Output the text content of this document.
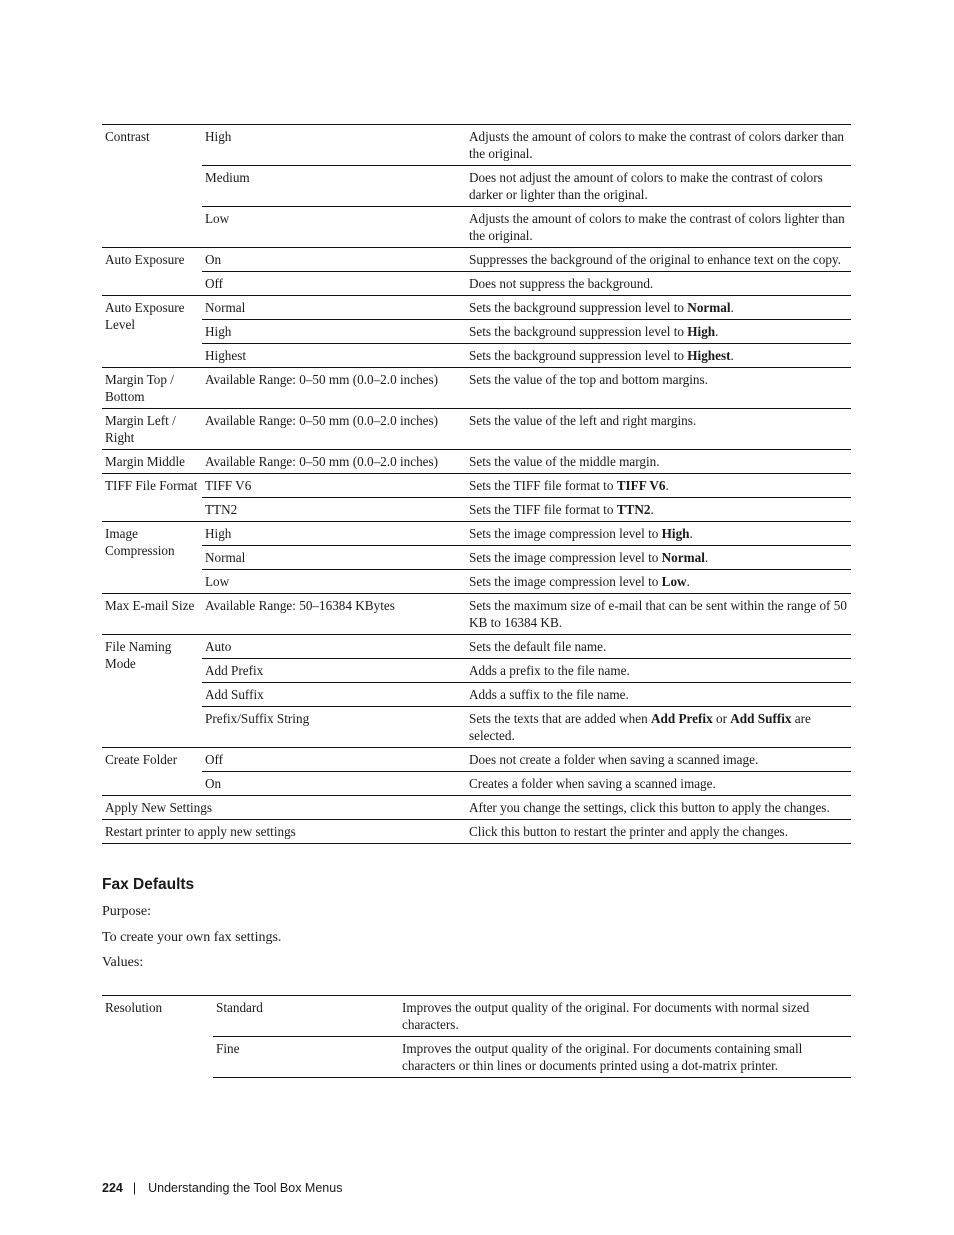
Contrast	High	Adjusts the amount of colors to make the contrast of colors darker than the original.
	Medium	Does not adjust the amount of colors to make the contrast of colors darker or lighter than the original.
	Low	Adjusts the amount of colors to make the contrast of colors lighter than the original.
Auto Exposure	On	Suppresses the background of the original to enhance text on the copy.
	Off	Does not suppress the background.
Auto Exposure Level	Normal	Sets the background suppression level to Normal.
	High	Sets the background suppression level to High.
	Highest	Sets the background suppression level to Highest.
Margin Top / Bottom	Available Range: 0–50 mm (0.0–2.0 inches)	Sets the value of the top and bottom margins.
Margin Left / Right	Available Range: 0–50 mm (0.0–2.0 inches)	Sets the value of the left and right margins.
Margin Middle	Available Range: 0–50 mm (0.0–2.0 inches)	Sets the value of the middle margin.
TIFF File Format	TIFF V6	Sets the TIFF file format to TIFF V6.
	TTN2	Sets the TIFF file format to TTN2.
Image Compression	High	Sets the image compression level to High.
	Normal	Sets the image compression level to Normal.
	Low	Sets the image compression level to Low.
Max E-mail Size	Available Range: 50–16384 KBytes	Sets the maximum size of e-mail that can be sent within the range of 50 KB to 16384 KB.
File Naming Mode	Auto	Sets the default file name.
	Add Prefix	Adds a prefix to the file name.
	Add Suffix	Adds a suffix to the file name.
	Prefix/Suffix String	Sets the texts that are added when Add Prefix or Add Suffix are selected.
Create Folder	Off	Does not create a folder when saving a scanned image.
	On	Creates a folder when saving a scanned image.
Apply New Settings		After you change the settings, click this button to apply the changes.
Restart printer to apply new settings		Click this button to restart the printer and apply the changes.
Fax Defaults
Purpose:
To create your own fax settings.
Values:
Resolution	Standard	Improves the output quality of the original. For documents with normal sized characters.
	Fine	Improves the output quality of the original. For documents containing small characters or thin lines or documents printed using a dot-matrix printer.
224 | Understanding the Tool Box Menus
